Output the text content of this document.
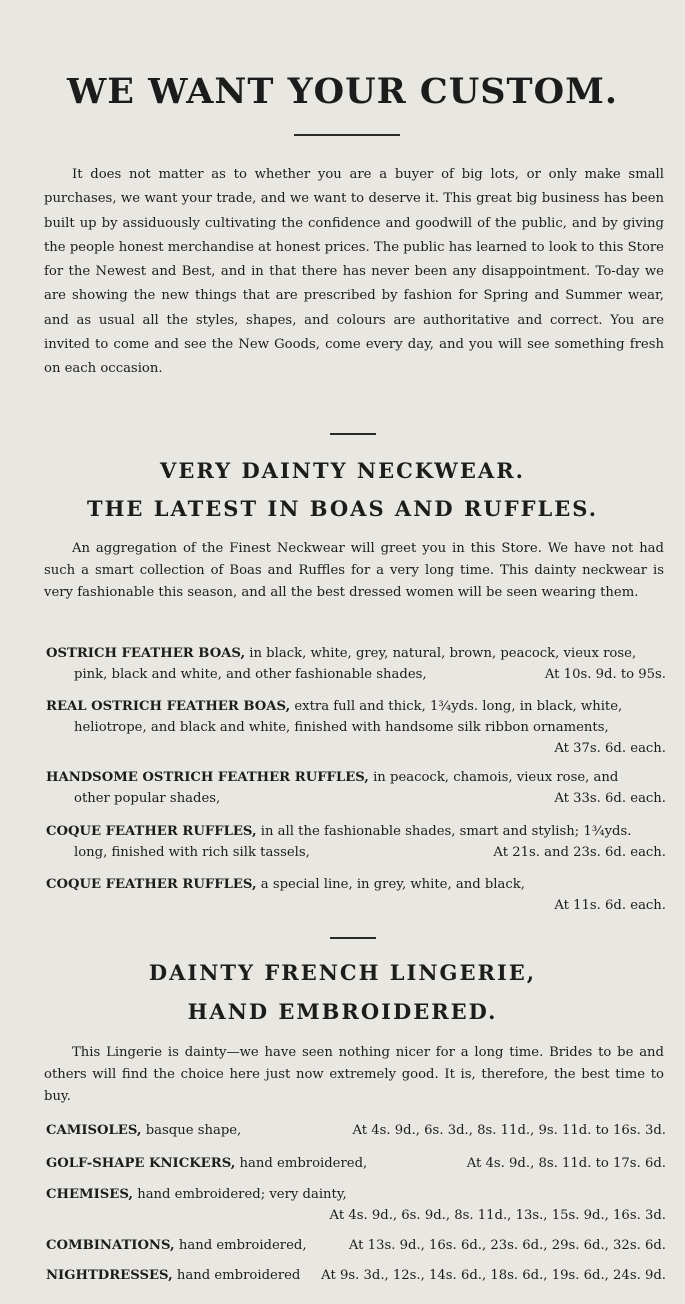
WE WANT YOUR CUSTOM.

It does not matter as to whether you are a buyer of big lots, or only make small purchases, we want your trade, and we want to deserve it. This great big business has been built up by assiduously cultivating the confidence and goodwill of the public, and by giving the people honest merchandise at honest prices. The public has learned to look to this Store for the Newest and Best, and in that there has never been any disappointment. To-day we are showing the new things that are prescribed by fashion for Spring and Summer wear, and as usual all the styles, shapes, and colours are authoritative and correct. You are invited to come and see the New Goods, come every day, and you will see something fresh on each occasion.

VERY DAINTY NECKWEAR.
THE LATEST IN BOAS AND RUFFLES.

An aggregation of the Finest Neckwear will greet you in this Store. We have not had such a smart collection of Boas and Ruffles for a very long time. This dainty neckwear is very fashionable this season, and all the best dressed women will be seen wearing them.

OSTRICH FEATHER BOAS, in black, white, grey, natural, brown, peacock, vieux rose,
pink, black and white, and other fashionable shades,	At 10s. 9d. to 95s.
REAL OSTRICH FEATHER BOAS, extra full and thick, 1¾yds. long, in black, white,
heliotrope, and black and white, finished with handsome silk ribbon ornaments,
At 37s. 6d. each.
HANDSOME OSTRICH FEATHER RUFFLES, in peacock, chamois, vieux rose, and
other popular shades,	At 33s. 6d. each.
COQUE FEATHER RUFFLES, in all the fashionable shades, smart and stylish; 1¾yds.
long, finished with rich silk tassels,	At 21s. and 23s. 6d. each.
COQUE FEATHER RUFFLES, a special line, in grey, white, and black,
At 11s. 6d. each.
DAINTY FRENCH LINGERIE,
HAND EMBROIDERED.

This Lingerie is dainty—we have seen nothing nicer for a long time. Brides to be and others will find the choice here just now extremely good. It is, therefore, the best time to buy.

CAMISOLES, basque shape,	At 4s. 9d., 6s. 3d., 8s. 11d., 9s. 11d. to 16s. 3d.
GOLF-SHAPE KNICKERS, hand embroidered,	At 4s. 9d., 8s. 11d. to 17s. 6d.
CHEMISES, hand embroidered; very dainty,
At 4s. 9d., 6s. 9d., 8s. 11d., 13s., 15s. 9d., 16s. 3d.
COMBINATIONS, hand embroidered,	At 13s. 9d., 16s. 6d., 23s. 6d., 29s. 6d., 32s. 6d.
NIGHTDRESSES, hand embroidered At 9s. 3d., 12s., 14s. 6d., 18s. 6d., 19s. 6d., 24s. 9d.
